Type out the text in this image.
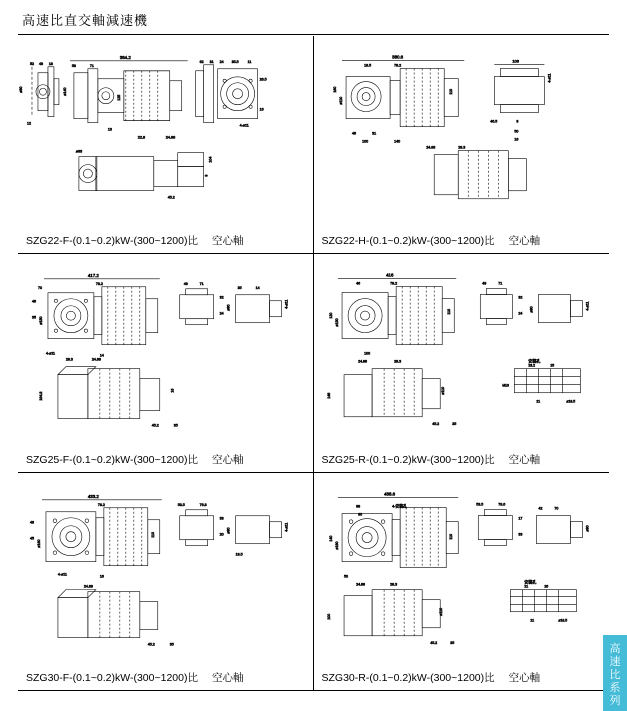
高速比直交軸減速機
52 49 18
12
ø60
364.2
58	71
13
ø140
125
24 35.5	11
26.5
16
4-ø11
62 31
ø93
45.2
9
104
22.8	24.88
SZG22-F-(0.1~0.2)kW-(300~1200)比 空心軸
380.6
18.5	78.2
160
46	31
100	140
110
ø110
103
4-ø11
46.5	9
50
16
24.88	28.3
SZG22-H-(0.1~0.2)kW-(300~1200)比 空心軸
417.2
78.2
46
35 ø150
70
4-ø11	14
49	71
32
24
35	14
4-ø11
ø90
164.8
45.2	35
28.3	24.88
16
SZG25-F-(0.1~0.2)kW-(300~1200)比 空心軸
416
78.2
46
120
ø150
110
100
49	71
32
24
4-ø11
ø90
146
24.88	28.3
45.2	35
ø110
安裝孔
23.2	25
M10
21	ø18.5
SZG25-R-(0.1~0.2)kW-(300~1200)比 空心軸
433.2
78.2
49
45
ø160
4-ø11	16
110
53.5	76.8
33
20
4-ø11
ø90
18.5
45.2	35
24.88
SZG30-F-(0.1~0.2)kW-(300~1200)比 空心軸
438.6
4-安裝孔
98
90
140
ø160
110
50
53.5	78.6
17
33
42	70
ø90
100
24.88	28.3
45.2	35
ø110
安裝孔
21	26
21	ø18.5
SZG30-R-(0.1~0.2)kW-(300~1200)比 空心軸
高
速
比
系
列
